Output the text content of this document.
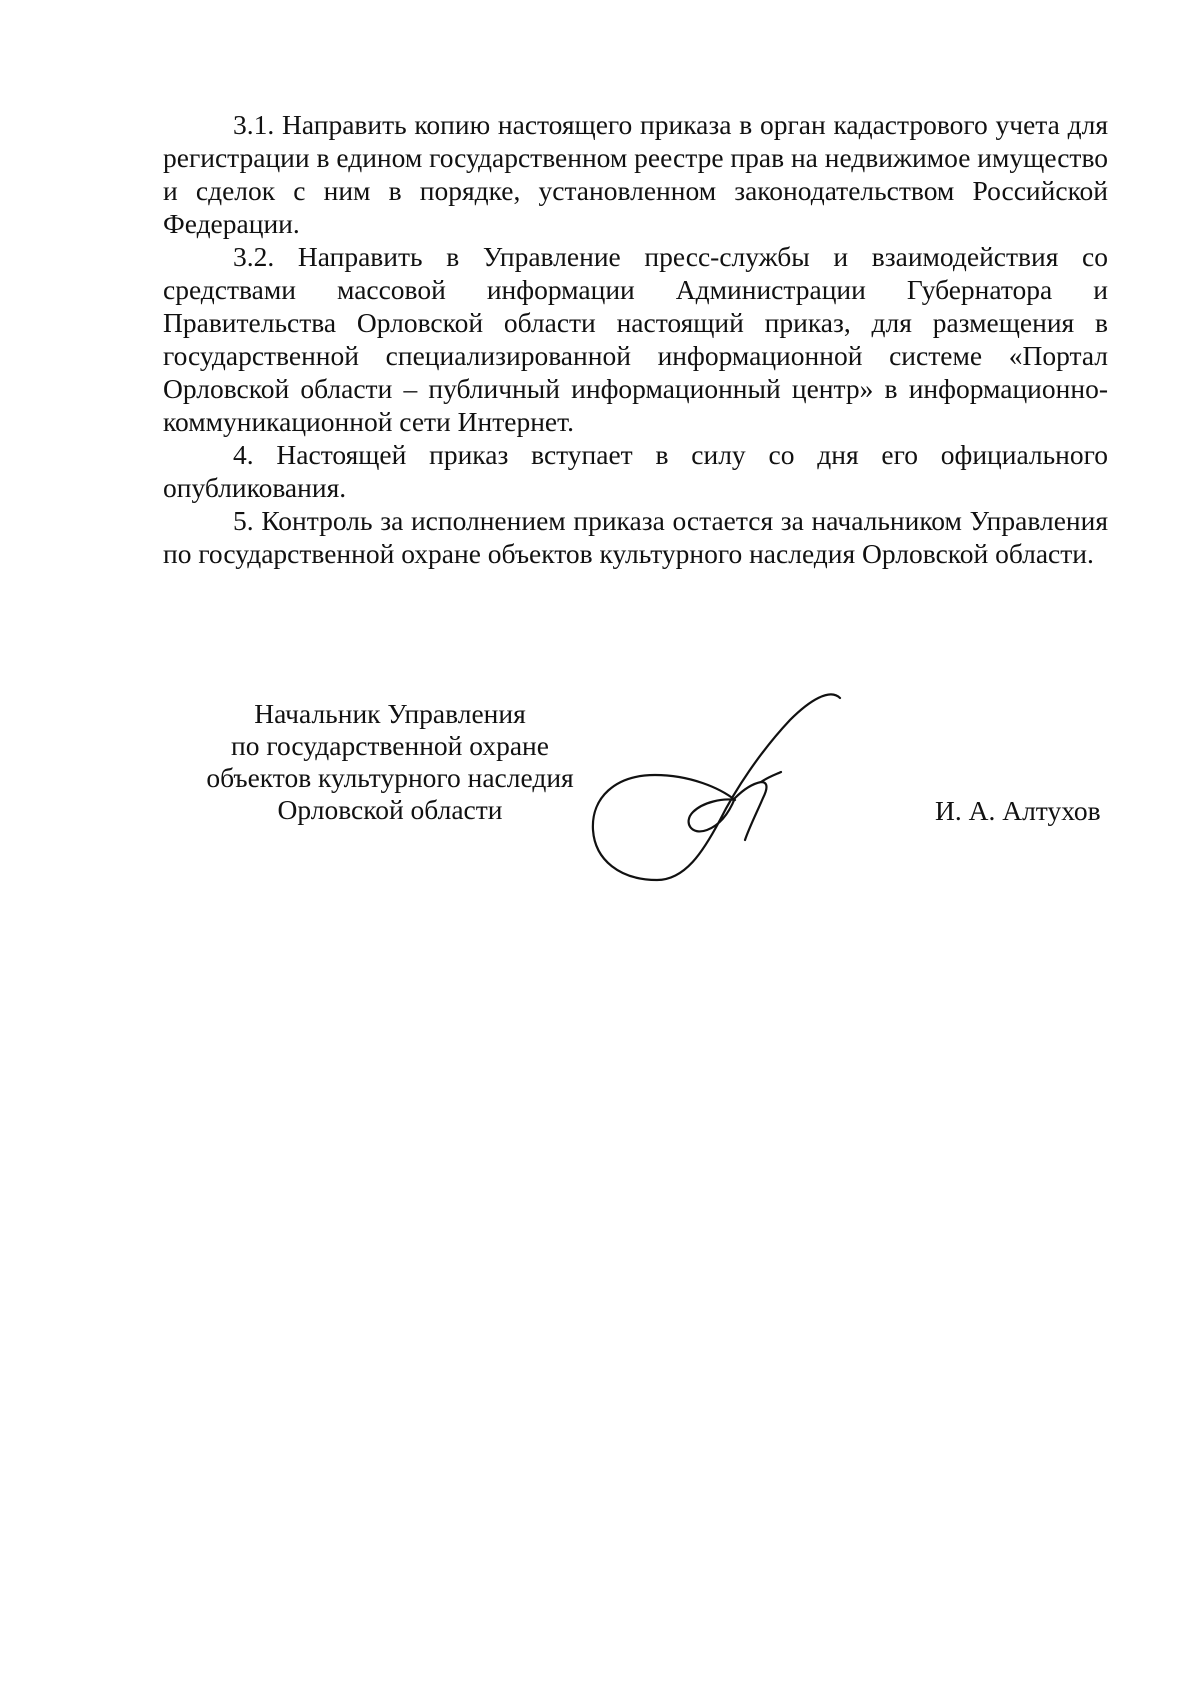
3.1. Направить копию настоящего приказа в орган кадастрового учета для регистрации в едином государственном реестре прав на недвижимое имущество и сделок с ним в порядке, установленном законодательством Российской Федерации.

3.2. Направить в Управление пресс-службы и взаимодействия со средствами массовой информации Администрации Губернатора и Правительства Орловской области настоящий приказ, для размещения в государственной специализированной информационной системе «Портал Орловской области – публичный информационный центр» в информационно-коммуникационной сети Интернет.

4. Настоящей приказ вступает в силу со дня его официального опубликования.

5. Контроль за исполнением приказа остается за начальником Управления по государственной охране объектов культурного наследия Орловской области.

Начальник Управления
по государственной охране
объектов культурного наследия
Орловской области	И. А. Алтухов
